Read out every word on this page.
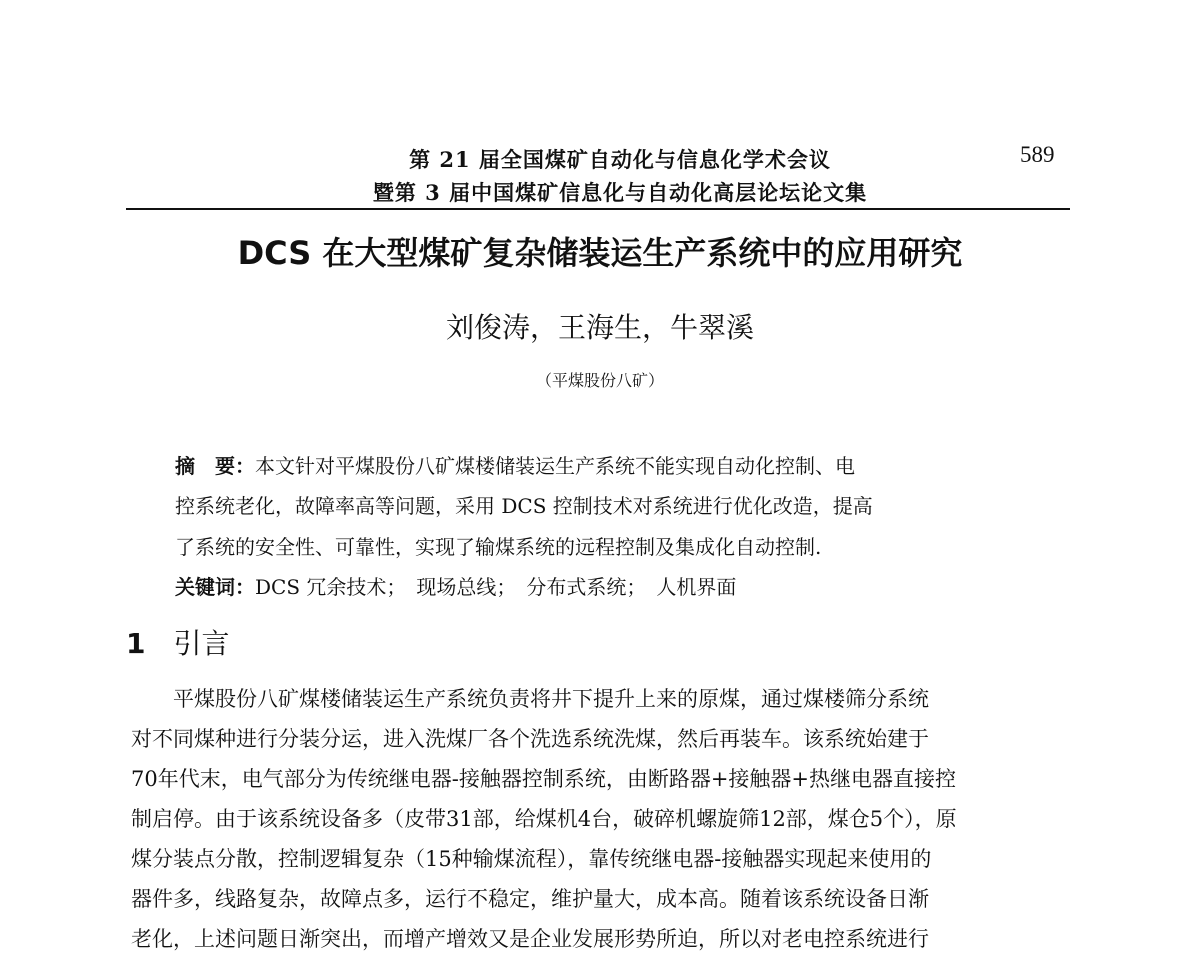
第 21 届全国煤矿自动化与信息化学术会议
暨第 3 届中国煤矿信息化与自动化高层论坛论文集
589
DCS 在大型煤矿复杂储装运生产系统中的应用研究
刘俊涛，王海生，牛翠溪
（平煤股份八矿）
摘　要：本文针对平煤股份八矿煤楼储装运生产系统不能实现自动化控制、电
控系统老化，故障率高等问题，采用 DCS 控制技术对系统进行优化改造，提高
了系统的安全性、可靠性，实现了输煤系统的远程控制及集成化自动控制.
关键词：DCS 冗余技术；　现场总线；　分布式系统；　人机界面
1 引言
平煤股份八矿煤楼储装运生产系统负责将井下提升上来的原煤，通过煤楼筛分系统
对不同煤种进行分装分运，进入洗煤厂各个洗选系统洗煤，然后再装车。该系统始建于
70年代末，电气部分为传统继电器-接触器控制系统，由断路器+接触器+热继电器直接控
制启停。由于该系统设备多（皮带31部，给煤机4台，破碎机螺旋筛12部，煤仓5个），原
煤分装点分散，控制逻辑复杂（15种输煤流程），靠传统继电器-接触器实现起来使用的
器件多，线路复杂，故障点多，运行不稳定，维护量大，成本高。随着该系统设备日渐
老化，上述问题日渐突出，而增产增效又是企业发展形势所迫，所以对老电控系统进行
